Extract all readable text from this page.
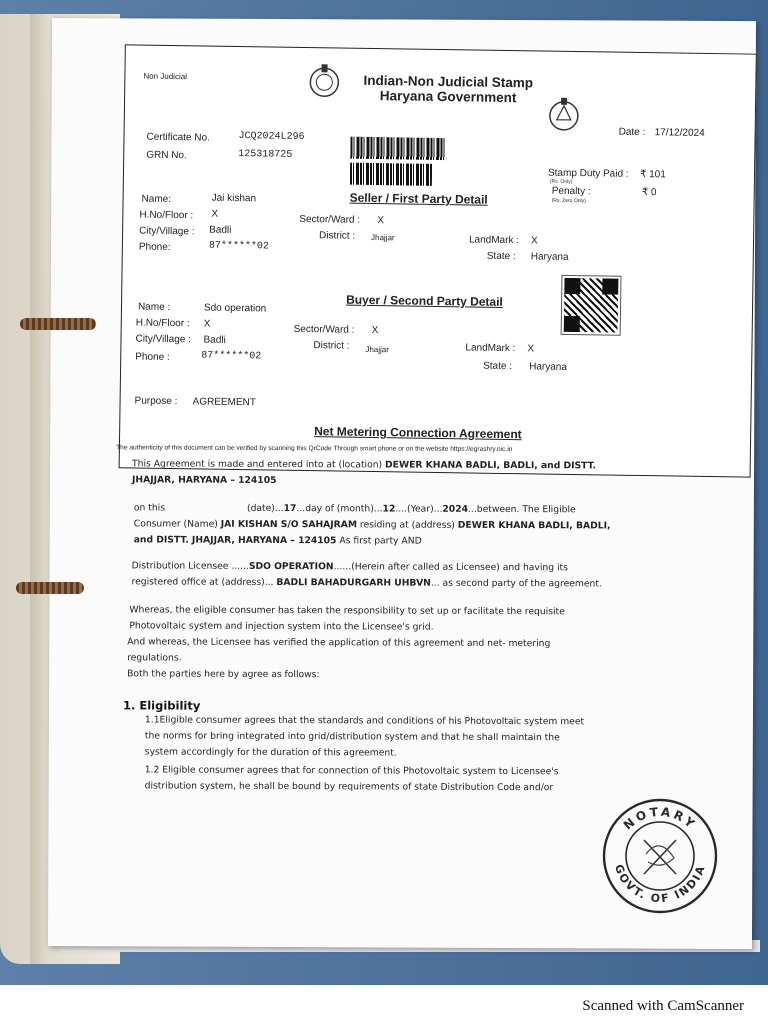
Non Judicial	Indian-Non Judicial Stamp
Haryana Government
Date : 17/12/2024
Certificate No.	JCQ2024L296
GRN No.	125318725
Stamp Duty Paid : ₹ 101
(Rs. Only)
Penalty :	₹ 0
(Rs. Zero Only)
Seller / First Party Detail
Name:	Jai kishan
H.No/Floor : X
City/Village : Badli
Phone:	87******02
Sector/Ward : X
District : Jhajjar	LandMark : X
State : Haryana
Buyer / Second Party Detail
Name :	Sdo operation
H.No/Floor : X
City/Village : Badli
Phone :	87******02
Sector/Ward : X
District : Jhajjar	LandMark : X
State : Haryana
Purpose : AGREEMENT
Net Metering Connection Agreement
The authenticity of this document can be verified by scanning this QrCode Through smart phone or on the website https://egrashry.nic.in
This Agreement is made and entered into at (location) DEWER KHANA BADLI, BADLI, and DISTT.
JHAJJAR, HARYANA – 124105
on this	(date)...17...day of (month)...12....(Year)...2024...between. The Eligible
Consumer (Name) JAI KISHAN S/O SAHAJRAM residing at (address) DEWER KHANA BADLI, BADLI,
and DISTT. JHAJJAR, HARYANA – 124105 As first party AND
Distribution Licensee ......SDO OPERATION......(Herein after called as Licensee) and having its
registered office at (address)... BADLI BAHADURGARH UHBVN... as second party of the agreement.
Whereas, the eligible consumer has taken the responsibility to set up or facilitate the requisite
Photovoltaic system and injection system into the Licensee's grid.
And whereas, the Licensee has verified the application of this agreement and net- metering
regulations.
Both the parties here by agree as follows:
1. Eligibility
1.1Eligible consumer agrees that the standards and conditions of his Photovoltaic system meet
the norms for bring integrated into grid/distribution system and that he shall maintain the
system accordingly for the duration of this agreement.
1.2 Eligible consumer agrees that for connection of this Photovoltaic system to Licensee's
distribution system, he shall be bound by requirements of state Distribution Code and/or
NOTARY
GOVT. OF INDIA
Scanned with CamScanner
